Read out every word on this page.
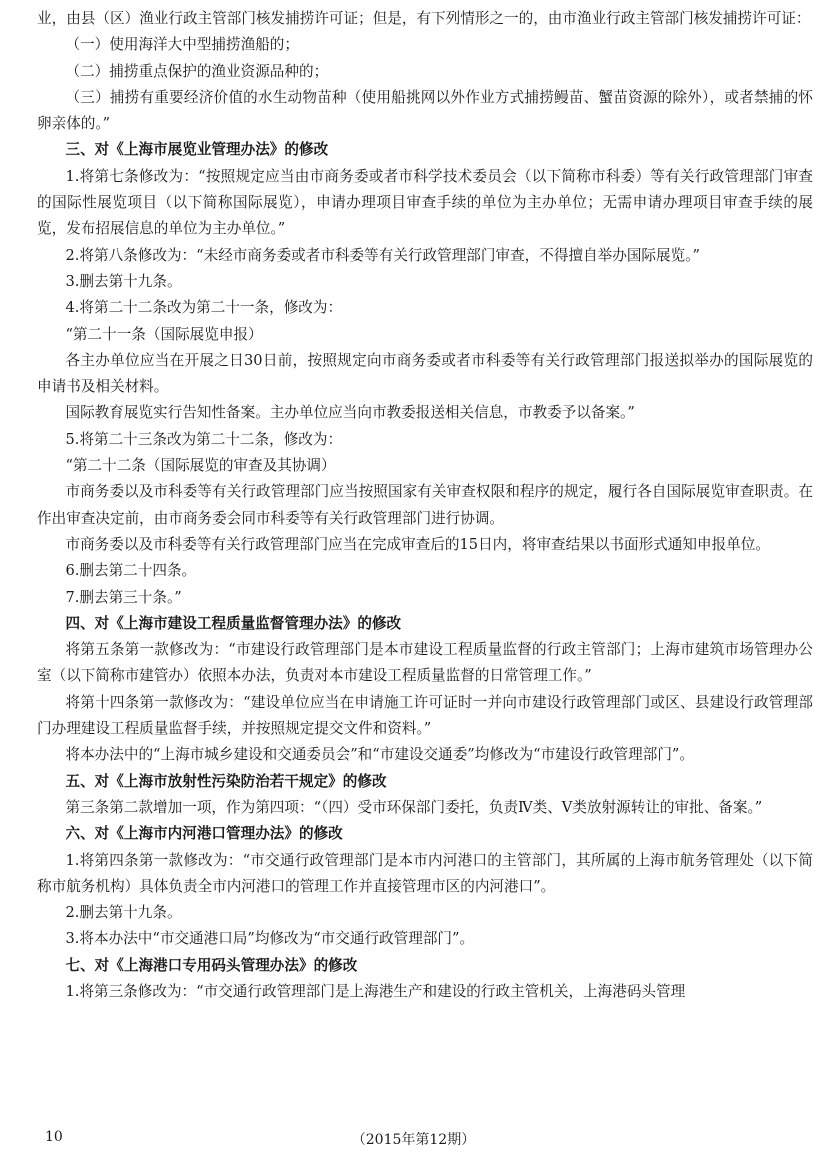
业，由县（区）渔业行政主管部门核发捕捞许可证；但是，有下列情形之一的，由市渔业行政主管部门核发捕捞许可证：

（一）使用海洋大中型捕捞渔船的；

（二）捕捞重点保护的渔业资源品种的；

（三）捕捞有重要经济价值的水生动物苗种（使用船挑网以外作业方式捕捞鳗苗、蟹苗资源的除外），或者禁捕的怀卵亲体的。”

三、对《上海市展览业管理办法》的修改

1.将第七条修改为：“按照规定应当由市商务委或者市科学技术委员会（以下简称市科委）等有关行政管理部门审查的国际性展览项目（以下简称国际展览），申请办理项目审查手续的单位为主办单位；无需申请办理项目审查手续的展览，发布招展信息的单位为主办单位。”

2.将第八条修改为：“未经市商务委或者市科委等有关行政管理部门审查，不得擅自举办国际展览。”

3.删去第十九条。

4.将第二十二条改为第二十一条，修改为：

“第二十一条（国际展览申报）

各主办单位应当在开展之日30日前，按照规定向市商务委或者市科委等有关行政管理部门报送拟举办的国际展览的申请书及相关材料。

国际教育展览实行告知性备案。主办单位应当向市教委报送相关信息，市教委予以备案。”

5.将第二十三条改为第二十二条，修改为：

“第二十二条（国际展览的审查及其协调）

市商务委以及市科委等有关行政管理部门应当按照国家有关审查权限和程序的规定，履行各自国际展览审查职责。在作出审查决定前，由市商务委会同市科委等有关行政管理部门进行协调。

市商务委以及市科委等有关行政管理部门应当在完成审查后的15日内，将审查结果以书面形式通知申报单位。

6.删去第二十四条。

7.删去第三十条。”

四、对《上海市建设工程质量监督管理办法》的修改

将第五条第一款修改为：“市建设行政管理部门是本市建设工程质量监督的行政主管部门；上海市建筑市场管理办公室（以下简称市建管办）依照本办法，负责对本市建设工程质量监督的日常管理工作。”

将第十四条第一款修改为：“建设单位应当在申请施工许可证时一并向市建设行政管理部门或区、县建设行政管理部门办理建设工程质量监督手续，并按照规定提交文件和资料。”

将本办法中的“上海市城乡建设和交通委员会”和“市建设交通委”均修改为“市建设行政管理部门”。

五、对《上海市放射性污染防治若干规定》的修改

第三条第二款增加一项，作为第四项：“（四）受市环保部门委托，负责Ⅳ类、Ⅴ类放射源转让的审批、备案。”

六、对《上海市内河港口管理办法》的修改

1.将第四条第一款修改为：“市交通行政管理部门是本市内河港口的主管部门，其所属的上海市航务管理处（以下简称市航务机构）具体负责全市内河港口的管理工作并直接管理市区的内河港口”。

2.删去第十九条。

3.将本办法中“市交通港口局”均修改为“市交通行政管理部门”。

七、对《上海港口专用码头管理办法》的修改

1.将第三条修改为：“市交通行政管理部门是上海港生产和建设的行政主管机关，上海港码头管理

10	（2015年第12期）
